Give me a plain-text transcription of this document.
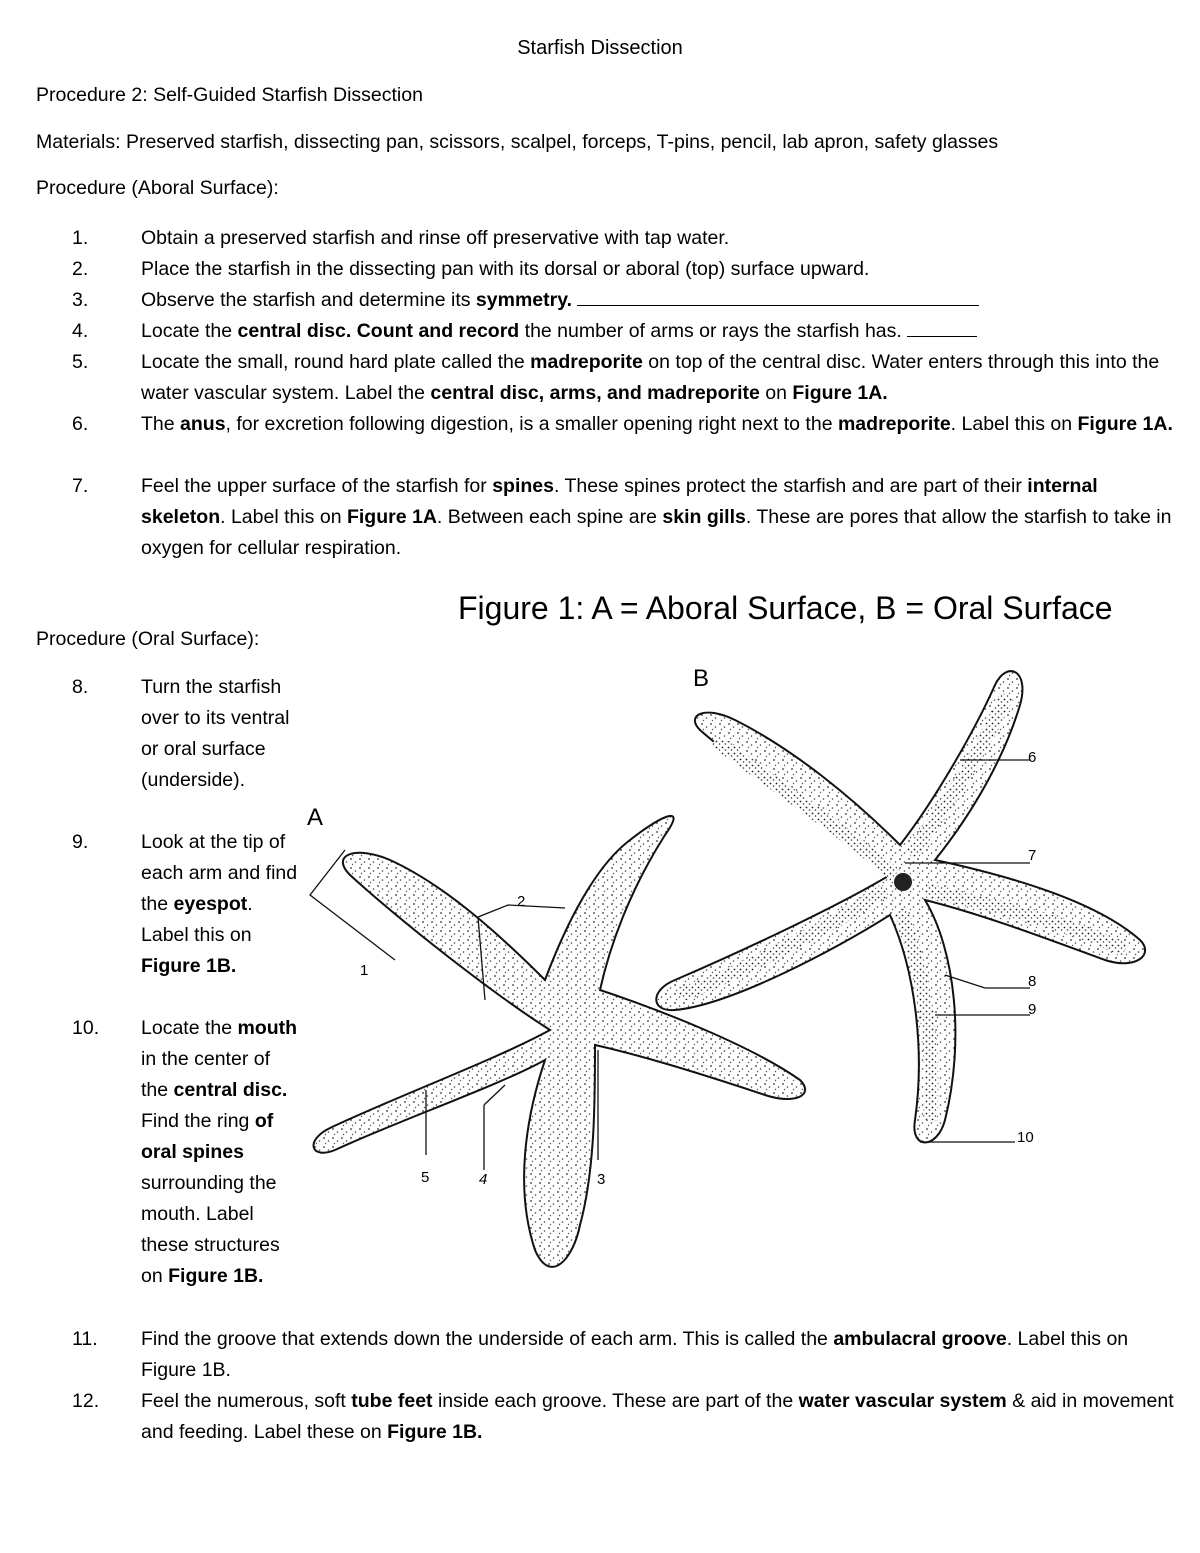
Starfish Dissection
Procedure 2: Self-Guided Starfish Dissection
Materials: Preserved starfish, dissecting pan, scissors, scalpel, forceps, T-pins, pencil, lab apron, safety glasses
Procedure (Aboral Surface):
1.	Obtain a preserved starfish and rinse off preservative with tap water.
2.	Place the starfish in the dissecting pan with its dorsal or aboral (top) surface upward.
3.	Observe the starfish and determine its symmetry.
4.	Locate the central disc. Count and record the number of arms or rays the starfish has.
5.	Locate the small, round hard plate called the madreporite on top of the central disc. Water enters through this into the water vascular system. Label the central disc, arms, and madreporite on Figure 1A.
6.	The anus, for excretion following digestion, is a smaller opening right next to the madreporite. Label this on Figure 1A.
7.	Feel the upper surface of the starfish for spines. These spines protect the starfish and are part of their internal skeleton. Label this on Figure 1A. Between each spine are skin gills. These are pores that allow the starfish to take in oxygen for cellular respiration.
Figure 1: A = Aboral Surface, B = Oral Surface
Procedure (Oral Surface):
8.	Turn the starfish over to its ventral or oral surface (underside).
9.	Look at the tip of each arm and find the eyespot. Label this on Figure 1B.
10.	Locate the mouth in the center of the central disc. Find the ring of oral spines surrounding the mouth. Label these structures on Figure 1B.
11.	Find the groove that extends down the underside of each arm. This is called the ambulacral groove. Label this on Figure 1B.
12.	Feel the numerous, soft tube feet inside each groove. These are part of the water vascular system & aid in movement and feeding. Label these on Figure 1B.
A
1
2
5	4	3
B
6
7
8
9
10
